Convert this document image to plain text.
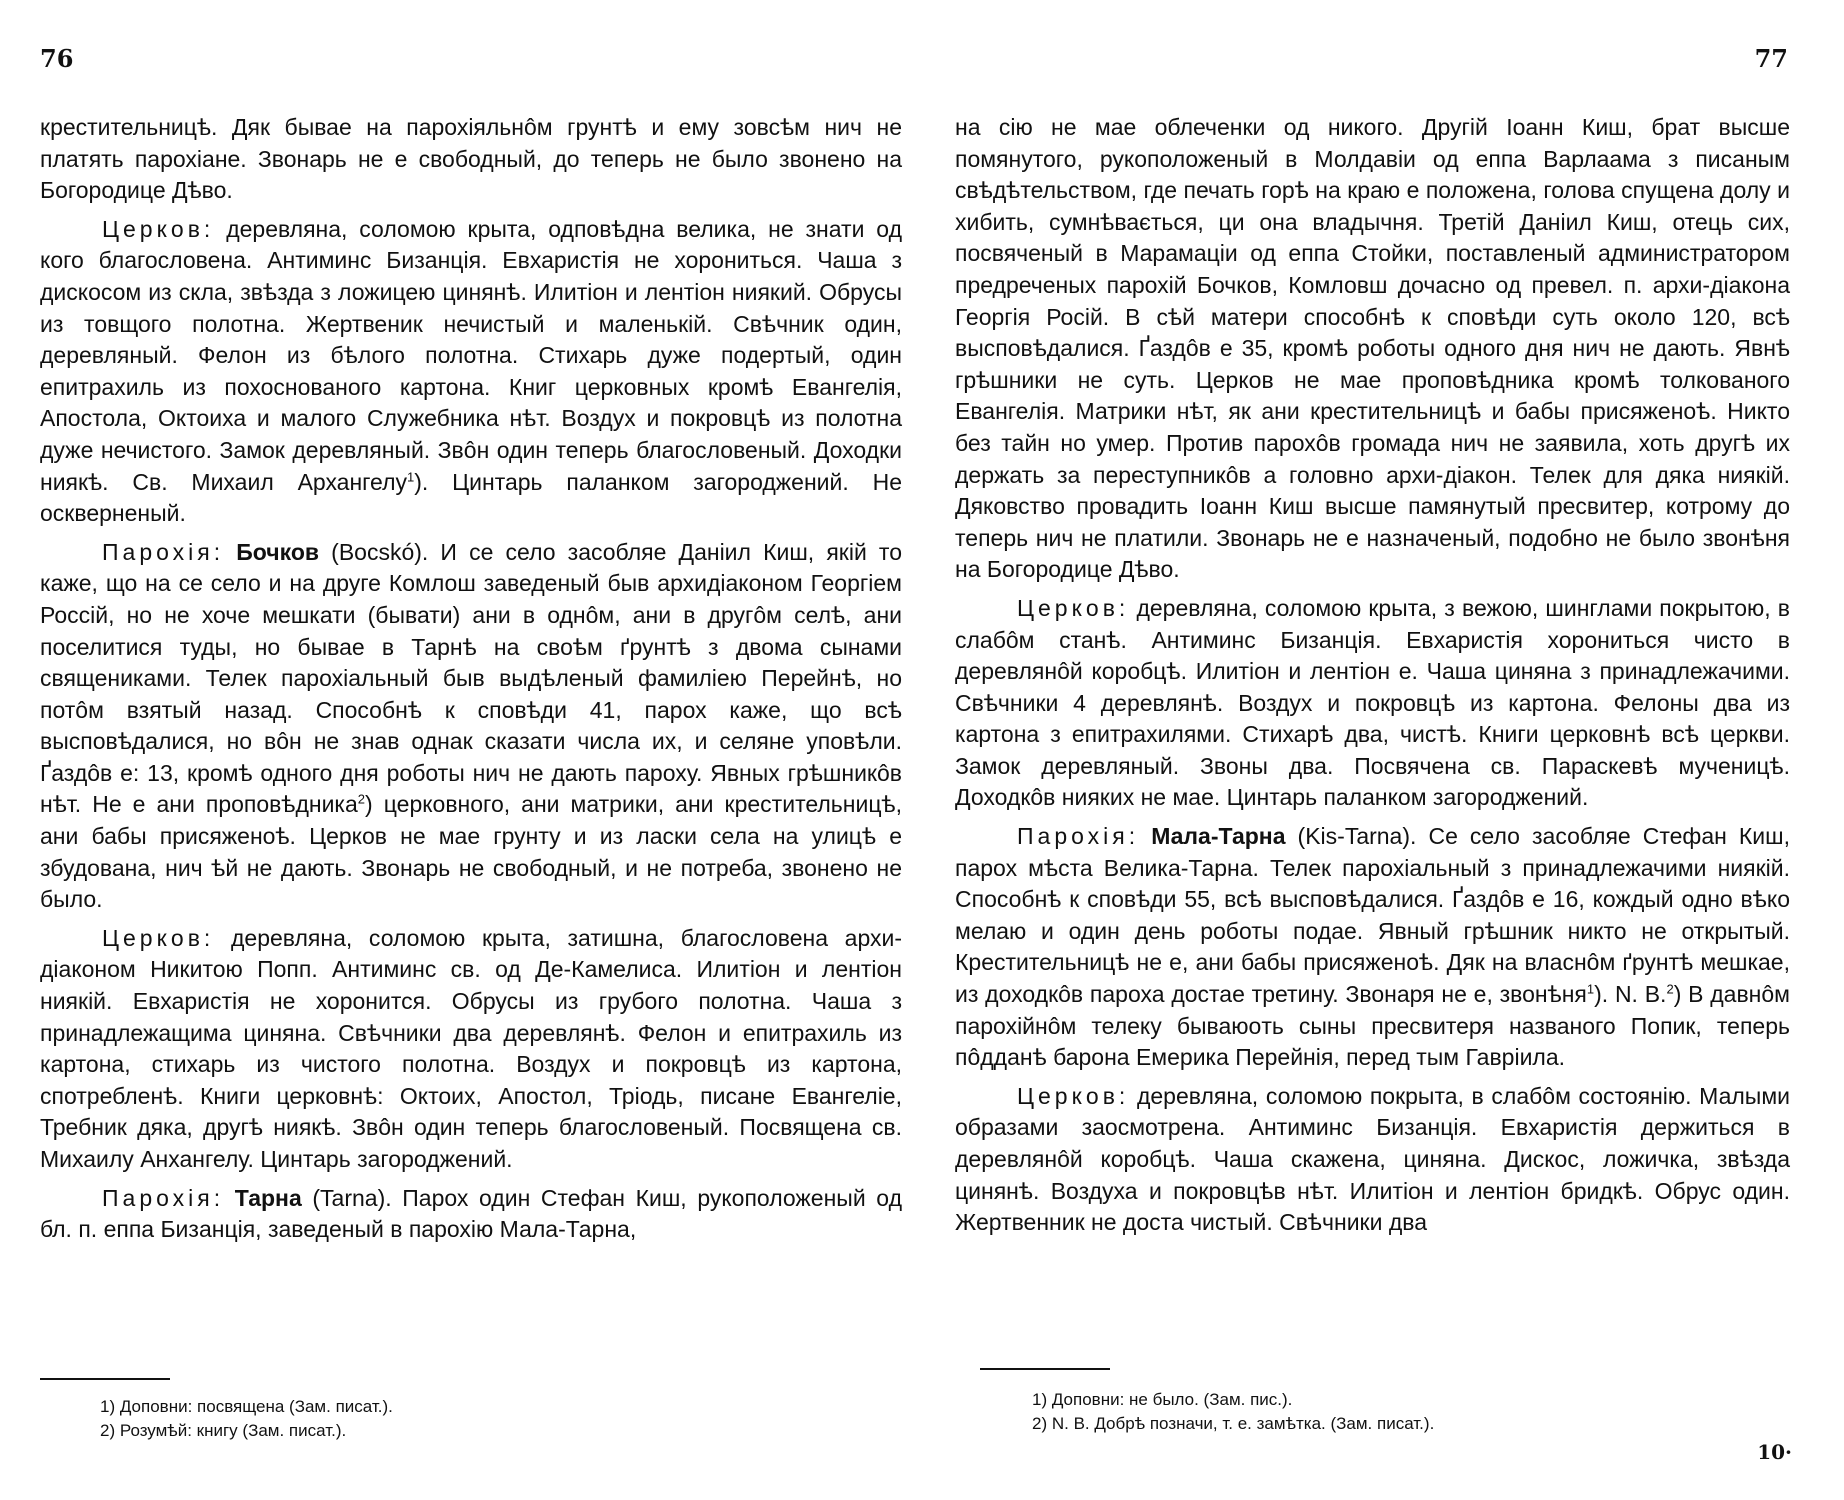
76

крестительницѣ. Дяк бывае на парохіяльнôм грунтѣ и ему зовсѣм нич не платять парохіане. Звонарь не е свободный, до теперь не было звонено на Богородице Дѣво.

Церков: деревляна, соломою крыта, одповѣдна велика, не знати од кого благословена. Антиминс Бизанція. Евхаристія не хорониться. Чаша з дискосом из скла, звѣзда з ложицею цинянѣ. Илитіон и лентіон ниякий. Обрусы из товщого полотна. Жертвеник нечистый и маленькій. Свѣчник один, деревляный. Фелон из бѣлого полотна. Стихарь дуже подертый, один епитрахиль из похоснованого картона. Книг церковных кромѣ Евангелія, Апостола, Октоиха и малого Служебника нѣт. Воздух и покровцѣ из полотна дуже нечистого. Замок деревляный. Звôн один теперь благословеный. Доходки ниякѣ. Св. Михаил Архангелу$^1$). Цинтарь паланком загороджений. Не оскверненый.

Парохія: Бочков (Bocskó). И се село засобляе Даніил Киш, якій то каже, що на се село и на друге Комлош заведеный быв архидіаконом Георгіем Россій, но не хоче мешкати (бывати) ани в однôм, ани в другôм селѣ, ани поселитися туды, но бывае в Тарнѣ на своѣм ґрунтѣ з двома сынами священиками. Телек парохіальный быв выдѣленый фамиліею Перейнѣ, но потôм взятый назад. Способнѣ к сповѣди 41, парох каже, що всѣ высповѣдалися, но вôн не знав однак сказати числа их, и селяне уповѣли. Ґаздôв е: 13, кромѣ одного дня роботы нич не дають пароху. Явных грѣшникôв нѣт. Не е ани проповѣдника$^2$) церковного, ани матрики, ани крестительницѣ, ани бабы присяженоѣ. Церков не мае грунту и из ласки села на улицѣ е збудована, нич ѣй не дають. Звонарь не свободный, и не потреба, звонено не было.

Церков: деревляна, соломою крыта, затишна, благословена архи-діаконом Никитою Попп. Антиминс св. од Де-Камелиса. Илитіон и лентіон ниякій. Евхаристія не хоронится. Обрусы из грубого полотна. Чаша з принадлежащима цинянa. Свѣчники два деревлянѣ. Фелон и епитрахиль из картона, стихарь из чистого полотна. Воздух и покровцѣ из картона, спотребленѣ. Книги церковнѣ: Октоих, Апостол, Тріодь, писане Евангеліе, Требник дяка, другѣ ниякѣ. Звôн один теперь благословеный. Посвящена св. Михаилу Анхангелу. Цинтарь загороджений.

Парохія: Тарна (Tarna). Парох один Стефан Киш, рукоположеный од бл. п. еппа Бизанція, заведеный в парохію Мала-Тарна,

1) Доповни: посвящена (Зам. писат.).
2) Розумѣй: книгу (Зам. писат.).
77

на сію не мае облеченки од никого. Другій Іоанн Киш, брат высше помянутого, рукоположеный в Молдавіи од еппа Варлаама з писаным свѣдѣтельством, где печать горѣ на краю е положена, голова спущена долу и хибить, сумнѣвається, ци она владычня. Третій Даніил Киш, отець сих, посвяченый в Марамаціи од еппа Стойки, поставленый администратором предреченых парохій Бочков, Комловш дочасно од превел. п. архи-діакона Георгія Росій. В сѣй матери способнѣ к сповѣди суть около 120, всѣ высповѣдалися. Ґаздôв е 35, кромѣ роботы одного дня нич не дають. Явнѣ грѣшники не суть. Церков не мае проповѣдника кромѣ толкованого Евангелія. Матрики нѣт, як ани крестительницѣ и бабы присяженоѣ. Никто без тайн но умер. Против парохôв громада нич не заявила, хоть другѣ их держать за переступникôв а головно архи-діакон. Телек для дяка ниякій. Дяковство провадить Іоанн Киш высше памянутый пресвитер, котрому до теперь нич не платили. Звонарь не е назначеный, подобно не было звонѣня на Богородице Дѣво.

Церков: деревляна, соломою крыта, з вежою, шинглами покрытою, в слабôм станѣ. Антиминс Бизанція. Евхаристія хорониться чисто в деревлянôй коробцѣ. Илитіон и лентіон е. Чаша циняна з принадлежачими. Свѣчники 4 деревлянѣ. Воздух и покровцѣ из картона. Фелоны два из картона з епитрахилями. Стихарѣ два, чистѣ. Книги церковнѣ всѣ церкви. Замок деревляный. Звоны два. Посвячена св. Параскевѣ мученицѣ. Доходкôв нияких не мае. Цинтарь паланком загороджений.

Парохія: Мала-Тарна (Kis-Tarna). Се село засобляе Стефан Киш, парох мѣста Велика-Тарна. Телек парохіальный з принадлежачими ниякій. Способнѣ к сповѣди 55, всѣ высповѣдалися. Ґаздôв е 16, кождый одно вѣко мелаю и один день роботы подае. Явный грѣшник никто не открытый. Крестительницѣ не е, ани бабы присяженоѣ. Дяк на власнôм ґрунтѣ мешкае, из доходкôв пароха достае третину. Звонаря не е, звонѣня$^1$). N. B.$^2$) В давнôм парохійнôм телеку бываюoть сыны пресвитеря названого Попик, теперь пôдданѣ барона Емерика Перейнія, перед тым Гавріила.

Церков: деревляна, соломою покрыта, в слабôм состоянію. Малыми образами заосмотрена. Антиминс Бизанція. Евхаристія держиться в деревлянôй коробцѣ. Чаша скажена, циняна. Дискос, ложичка, звѣзда цинянѣ. Воздуха и покровцѣв нѣт. Илитіон и лентіон бридкѣ. Обрус один. Жертвенник не доста чистый. Свѣчники два

1) Доповни: не было. (Зам. пис.).
2) N. B. Добрѣ позначи, т. е. замѣтка. (Зам. писат.).
10·
